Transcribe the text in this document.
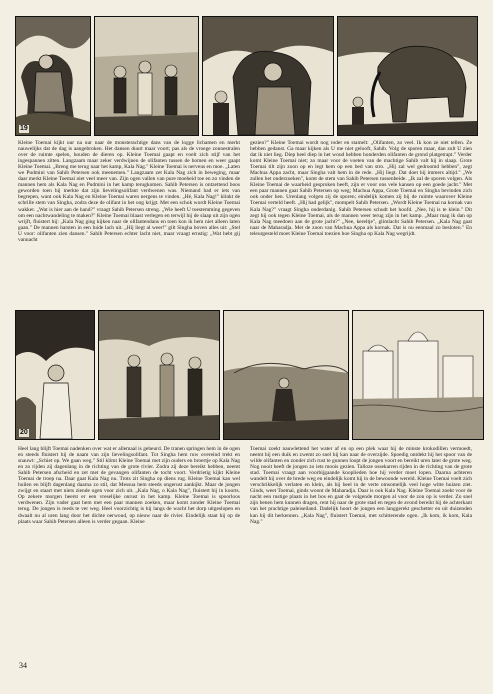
19
Kleine Toemai kijkt uur na uur naar de monsterachtige dans van de logge lichamen en merkt nauwelijks dat de dag is aangebroken. Het dansen duurt maar voort; pas als de vroege zonnestralen over de ruimte spelen, houden de dieren op. Kleine Toemai gaapt en voelt zich stijf van het ingespannen zitten. Langzaam maar zeker verdwijnen de olifanten tussen de bomen en weer gaapt Kleine Toemai. „Breng me terug naar het kamp, Kala Nag." Kleine Toemai is nerveus en moe. „Laten we Pudmini van Sahib Petersen ook meenemen." Langzaam zet Kala Nag zich in beweging, maar daar merkt Kleine Toemai niet veel meer van. Zijn ogen vallen van pure moeheid toe en zo vinden de mannen hem als Kala Nag en Pudmini in het kamp terugkomen. Sahib Petersen is ontzettend boos geworden toen hij merkte dat zijn lievelingsolifant verdwenen was. Niemand had er iets van begrepen, want ook Kala Nag en Kleine Toemai waren nergens te vinden. „Hé, Kala Nag!" klinkt de schrille stem van Singha, zodra deze de olifant in het oog krijgt. Met een schok wordt Kleine Toemai wakker. „Wat is hier aan de hand?" vraagt Sahib Petersen streng. „Wie heeft U toestemming gegeven om een nachtwandeling te maken?" Kleine Toemai blaast verlegen en terwijl hij de slaap uit zijn ogen wrijft, fluistert hij: „Kala Nag ging kijken naar de olifantendans en toen kon ik hem niet alleen laten gaan." De mannen barsten in een luide lach uit. „Hij liegt al weer!" gilt Singha boven alles uit: „Stel U voor: olifanten zien dansen." Sahib Petersen echter lacht niet, maar vraagt ernstig: „Wat hebt gij vannacht
gezien?" Kleine Toemai wordt nog roder en stamelt: „Olifanten, zo veel. Ik kon ze niet tellen. Ze hebben gedanst. Ga maar kijken als U me niet gelooft, Sahib. Volg de sporen maar, dan zult U zien dat ik niet lieg. Diep heel diep in het woud hebben honderden olifanten de grond platgetrapt." Verder komt Kleine Toemai niet; zo maar voor de voeten van de machtige Sahib valt hij in slaap. Grote Toemai tilt zijn zoon op en legt hem op een bed van stro. „Hij zal wel gedroomd hebben", zegt Machua Appa zacht, maar Singha valt hem in de rede. „Hij liegt. Dat doet hij immers altijd." „We zullen het onderzoeken", komt de stem van Sahib Petersen tussenbeide. „Ik zal de sporen volgen. Als Kleine Toemai de waarheid gesproken heeft, zijn er voor ons vele kansen op een goede jacht." Met een paar mannen gaat Sahib Petersen op weg; Machua Appa, Grote Toemai en Singha bevinden zich ook onder hen. Urenlang volgen zij de sporen; eindelijk komen zij bij de ruimte waarover Kleine Toemai verteld heeft. „Hij had gelijk", mompelt Sahib Petersen. „Wordt Kleine Toemai na kornak van Kala Nag?" vraagt Singha onderdanig. Sahib Petersen schudt het hoofd. „Nee, hij is te klein." Dit zegt hij ook tegen Kleine Toemai, als de mannen weer terug zijn in het kamp. „Maar mag ik dan op Kala Nag meedoen aan de grote jacht?" „Nee, kereltje", glimlacht Sahib Petersen. „Kala Nag gaat naar de Maharadja. Met de zoon van Machua Appa als kornak. Dat is nu eenmaal zo besloten." En teleurgesteld moet Kleine Toemai toezien hoe Singha op Kala Nag wegrijdt.
20
Heel lang blijft Toemai nadenken over wat er allemaal is gebeurd. De tranen springen hem in de ogen en steeds fluistert hij de naam van zijn lievelingsolifant. Tot Singha hem ruw overeind trekt en snauwt: „Schiet op. We gaan weg." Stil klimt Kleine Toemai met zijn ouders en broertje op Kala Nag en zo rijden zij dagenlang in de richting van de grote rivier. Zodra zij deze bereikt hebben, neemt Sahib Petersen afscheid en zet met de gevangen olifanten de tocht voort. Verdrietig kijkt Kleine Toemai de troep na. Daar gaat Kala Nag nu. Trots zit Singha op diens rug. Kleine Toemai kan wel huilen en blijft dagenlang daarna zo stil, dat Messua hem steeds ongerust aankijkt. Maar de jongen zwijgt en staart met niets ziende ogen voor zich uit. „Kala Nag, o Kala Nag", fluistert hij in koorts. Op zekere morgen heerst er een vreselijke onrust in het kamp. Kleine Toemai is spoorloos verdwenen. Zijn vader gaat hem met een paar mannen zoeken, maar komt zonder Kleine Toemai terug. De jongen is reeds te ver weg. Heel voorzichtig is hij langs de wacht het dorp uitgeslopen en dwaalt nu al uren lang door het dichte oerwoud, op nieuw naar de rivier. Eindelijk staat hij op de plaats waar Sahib Petersen alleen is verder gegaan. Kleine
Toemai zoekt nauwlettend het water af en op een plek waar hij de minste krokodillen vermoedt, neemt hij een duik en zwemt zo snel hij kan naar de overzijde. Spoedig ontdekt hij het spoor van de wilde olifanten en zonder zich rust te gunnen loopt de jongen voort en bereikt uren later de grote weg. Nog nooit heeft de jongen zo iets moois gezien. Talloze ossekarren rijden in de richting van de grote stad. Toemai vraagt aan voorbijgaande kooplieden hoe hij verder moet lopen. Daarna achteren wandelt hij over de brede weg en eindelijk komt hij in de bewoonde wereld. Kleine Toemai voelt zich verschrikkelijk verlaten en klein, als hij heel in de verte omsomelijk veel hoge witte huizen ziet. Ginds, weet Toemai, ginds woont de Maharadja. Daar is ook Kala Nag. Kleine Toemai zoekt voor de nacht een rustige plaats in het bos en gaat de volgende morgen al voor de zon op is verder. Zo snel zijn benen hem kunnen dragen, rent hij naar de grote stad en tegen de avond bereikt hij de achterkant van het prachtige paleiseiland. Dadelijk hoort de jongen een langgerekt geschetter en uit duizenden kan hij dit herkennen. „Kala Nag", fluistert Toemai, met schitterende ogen. „Ik kom, ik kom, Kala Nag."
34
